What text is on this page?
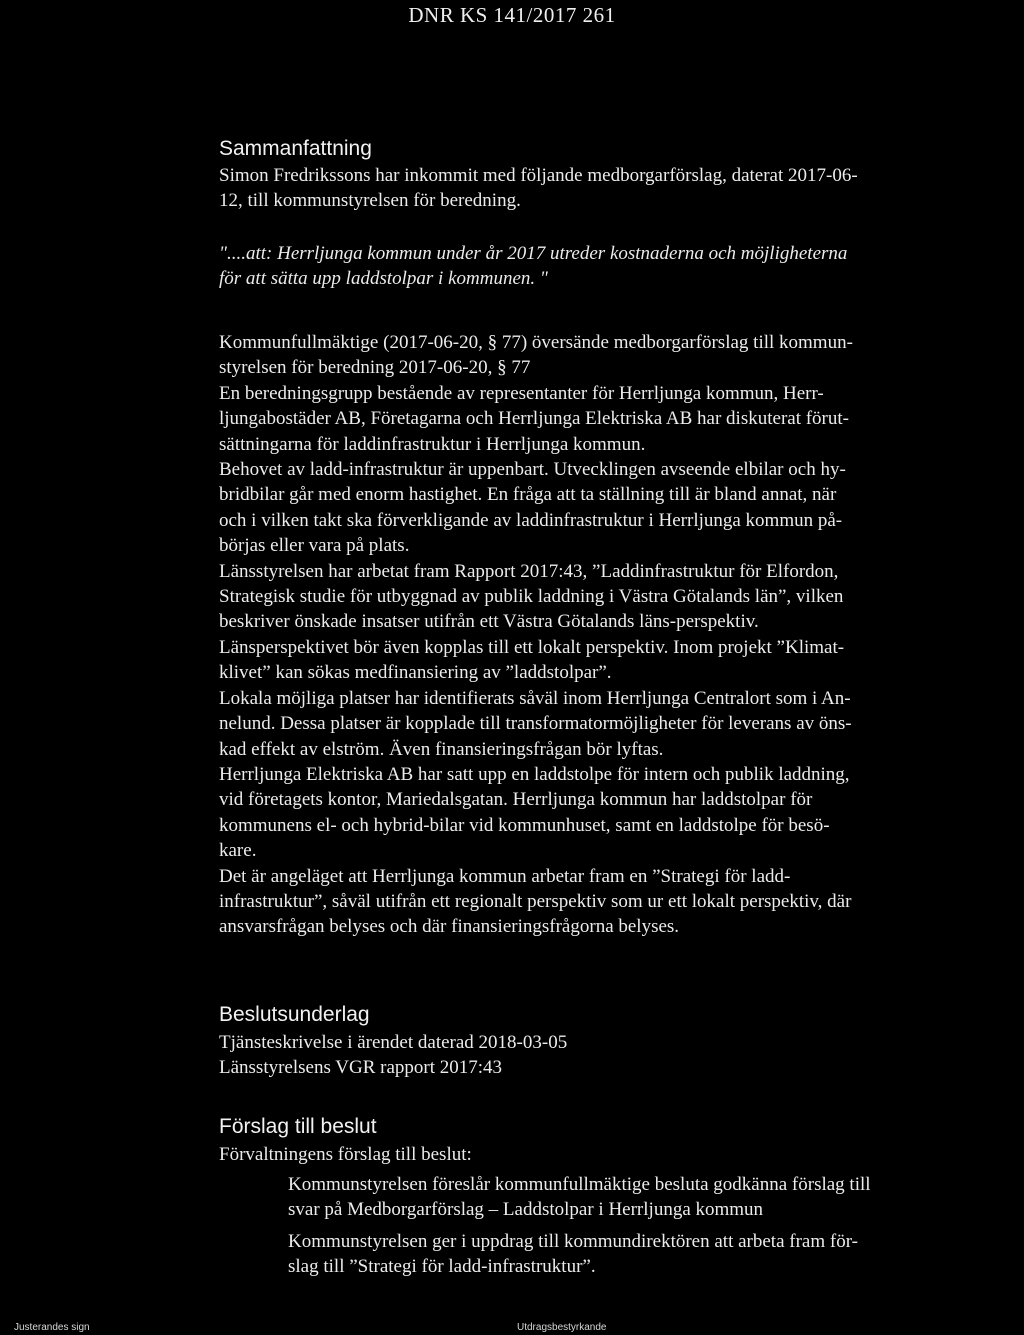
DNR KS 141/2017 261
Sammanfattning

Simon Fredrikssons har inkommit med följande medborgarförslag, daterat 2017-06-

12, till kommunstyrelsen för beredning.

"....att: Herrljunga kommun under år 2017 utreder kostnaderna och möjligheterna

för att sätta upp laddstolpar i kommunen. "

Kommunfullmäktige (2017-06-20, § 77) översände medborgarförslag till kommun-

styrelsen för beredning 2017-06-20, § 77

En beredningsgrupp bestående av representanter för Herrljunga kommun, Herr-

ljungabostäder AB, Företagarna och Herrljunga Elektriska AB har diskuterat förut-

sättningarna för laddinfrastruktur i Herrljunga kommun.

Behovet av ladd-infrastruktur är uppenbart. Utvecklingen avseende elbilar och hy-

bridbilar går med enorm hastighet. En fråga att ta ställning till är bland annat, när

och i vilken takt ska förverkligande av laddinfrastruktur i Herrljunga kommun på-

börjas eller vara på plats.

Länsstyrelsen har arbetat fram Rapport 2017:43, ”Laddinfrastruktur för Elfordon,

Strategisk studie för utbyggnad av publik laddning i Västra Götalands län”, vilken

beskriver önskade insatser utifrån ett Västra Götalands läns-perspektiv.

Länsperspektivet bör även kopplas till ett lokalt perspektiv. Inom projekt ”Klimat-

klivet” kan sökas medfinansiering av ”laddstolpar”.

Lokala möjliga platser har identifierats såväl inom Herrljunga Centralort som i An-

nelund. Dessa platser är kopplade till transformatormöjligheter för leverans av öns-

kad effekt av elström. Även finansieringsfrågan bör lyftas.

Herrljunga Elektriska AB har satt upp en laddstolpe för intern och publik laddning,

vid företagets kontor, Mariedalsgatan. Herrljunga kommun har laddstolpar för

kommunens el- och hybrid-bilar vid kommunhuset, samt en laddstolpe för besö-

kare.

Det är angeläget att Herrljunga kommun arbetar fram en ”Strategi för ladd-

infrastruktur”, såväl utifrån ett regionalt perspektiv som ur ett lokalt perspektiv, där

ansvarsfrågan belyses och där finansieringsfrågorna belyses.

Beslutsunderlag

Tjänsteskrivelse i ärendet daterad 2018-03-05

Länsstyrelsens VGR rapport 2017:43

Förslag till beslut

Förvaltningens förslag till beslut:

Kommunstyrelsen föreslår kommunfullmäktige besluta godkänna förslag till

svar på Medborgarförslag – Laddstolpar i Herrljunga kommun

Kommunstyrelsen ger i uppdrag till kommundirektören att arbeta fram för-

slag till ”Strategi för ladd-infrastruktur”.

Justerandes sign	Utdragsbestyrkande
